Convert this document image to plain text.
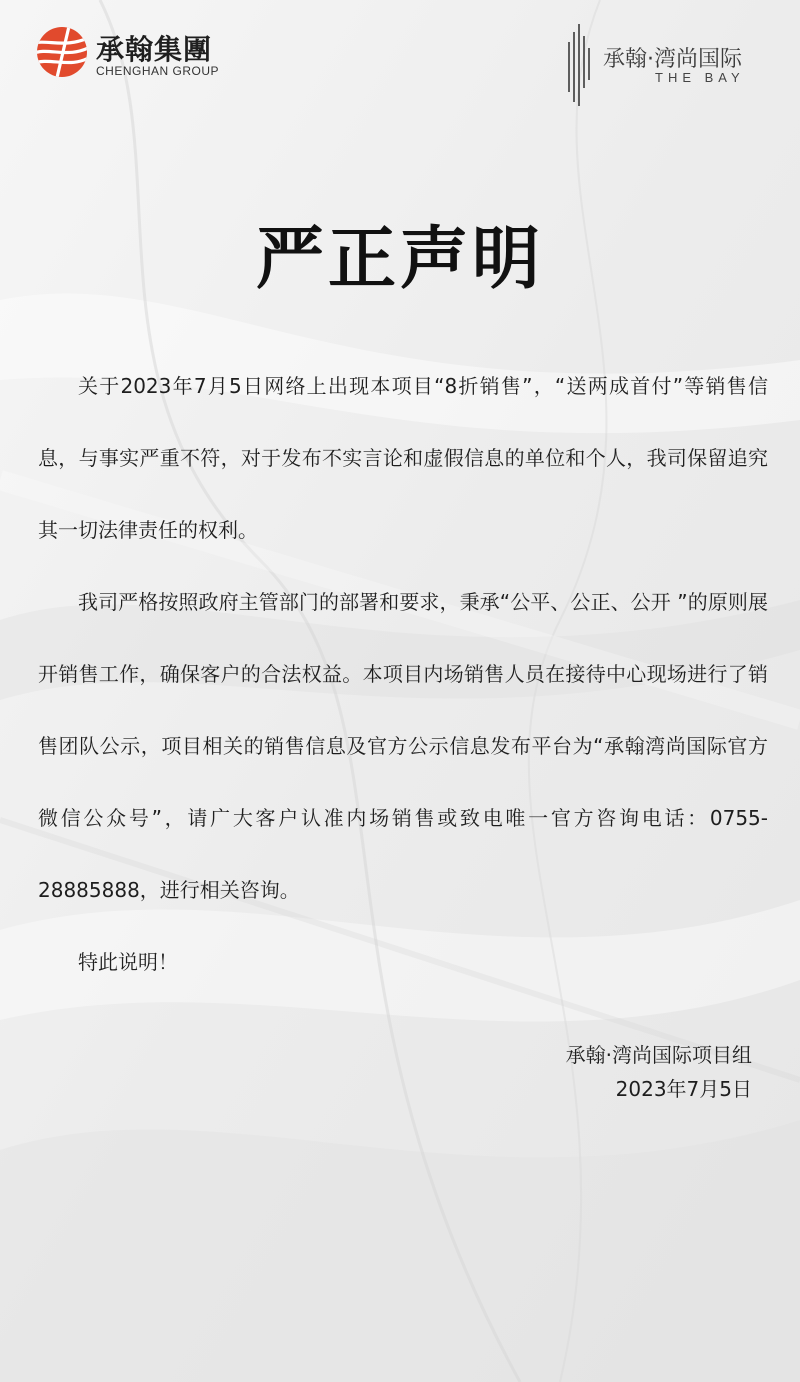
承翰集團
CHENGHAN GROUP	承翰·湾尚国际
THE BAY
严正声明

关于2023年7月5日网络上出现本项目“8折销售”，“送两成首付”等销售信息，与事实严重不符，对于发布不实言论和虚假信息的单位和个人，我司保留追究其一切法律责任的权利。

我司严格按照政府主管部门的部署和要求，秉承“公平、公正、公开 ”的原则展开销售工作，确保客户的合法权益。本项目内场销售人员在接待中心现场进行了销售团队公示，项目相关的销售信息及官方公示信息发布平台为“承翰湾尚国际官方微信公众号”，请广大客户认准内场销售或致电唯一官方咨询电话：0755-28885888，进行相关咨询。

特此说明！

承翰·湾尚国际项目组
2023年7月5日
